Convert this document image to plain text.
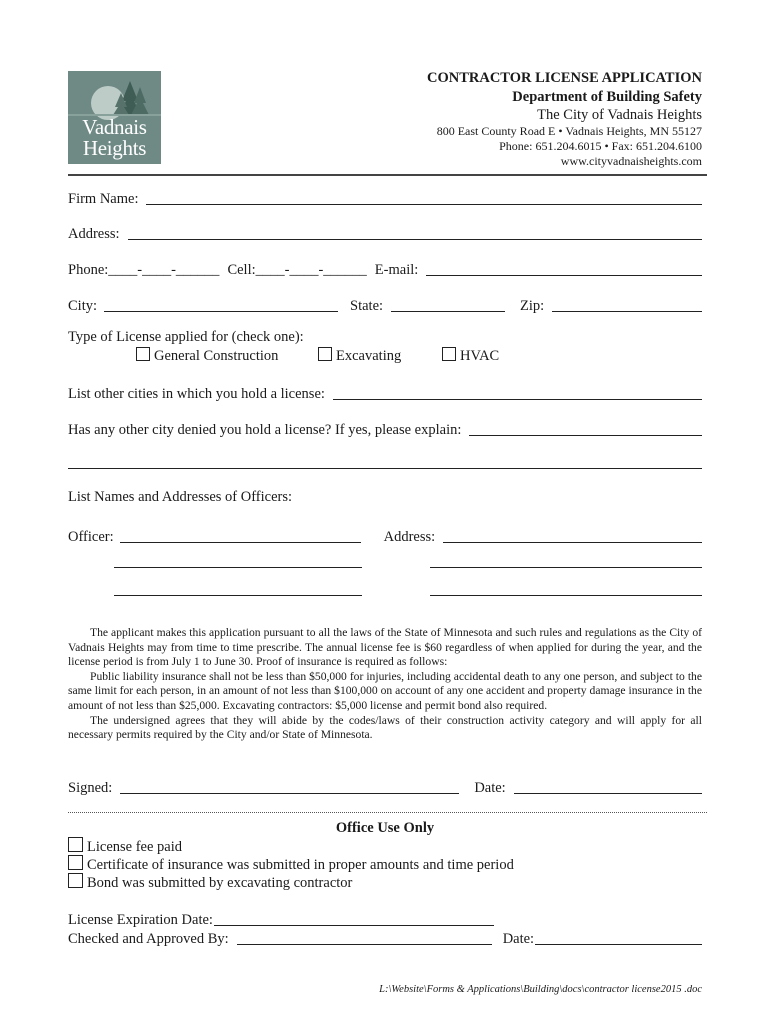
Vadnais
Heights
CONTRACTOR LICENSE APPLICATION
Department of Building Safety
The City of Vadnais Heights
800 East County Road E • Vadnais Heights, MN 55127
Phone: 651.204.6015 • Fax: 651.204.6100
www.cityvadnaisheights.com
Firm Name:
Address:
Phone:____-____-______ Cell:____-____-______ E-mail:
City:	State:	Zip:
Type of License applied for (check one):
General Construction	Excavating	HVAC
List other cities in which you hold a license:
Has any other city denied you hold a license? If yes, please explain:
List Names and Addresses of Officers:
Officer:	Address:

The applicant makes this application pursuant to all the laws of the State of Minnesota and such rules and regulations as the City of Vadnais Heights may from time to time prescribe. The annual license fee is $60 regardless of when applied for during the year, and the license period is from July 1 to June 30. Proof of insurance is required as follows:

Public liability insurance shall not be less than $50,000 for injuries, including accidental death to any one person, and subject to the same limit for each person, in an amount of not less than $100,000 on account of any one accident and property damage insurance in the amount of not less than $25,000. Excavating contractors: $5,000 license and permit bond also required.

The undersigned agrees that they will abide by the codes/laws of their construction activity category and will apply for all necessary permits required by the City and/or State of Minnesota.

Signed:	Date:
Office Use Only
License fee paid
Certificate of insurance was submitted in proper amounts and time period
Bond was submitted by excavating contractor
License Expiration Date:
Checked and Approved By:	Date:
L:\Website\Forms & Applications\Building\docs\contractor license2015 .doc
